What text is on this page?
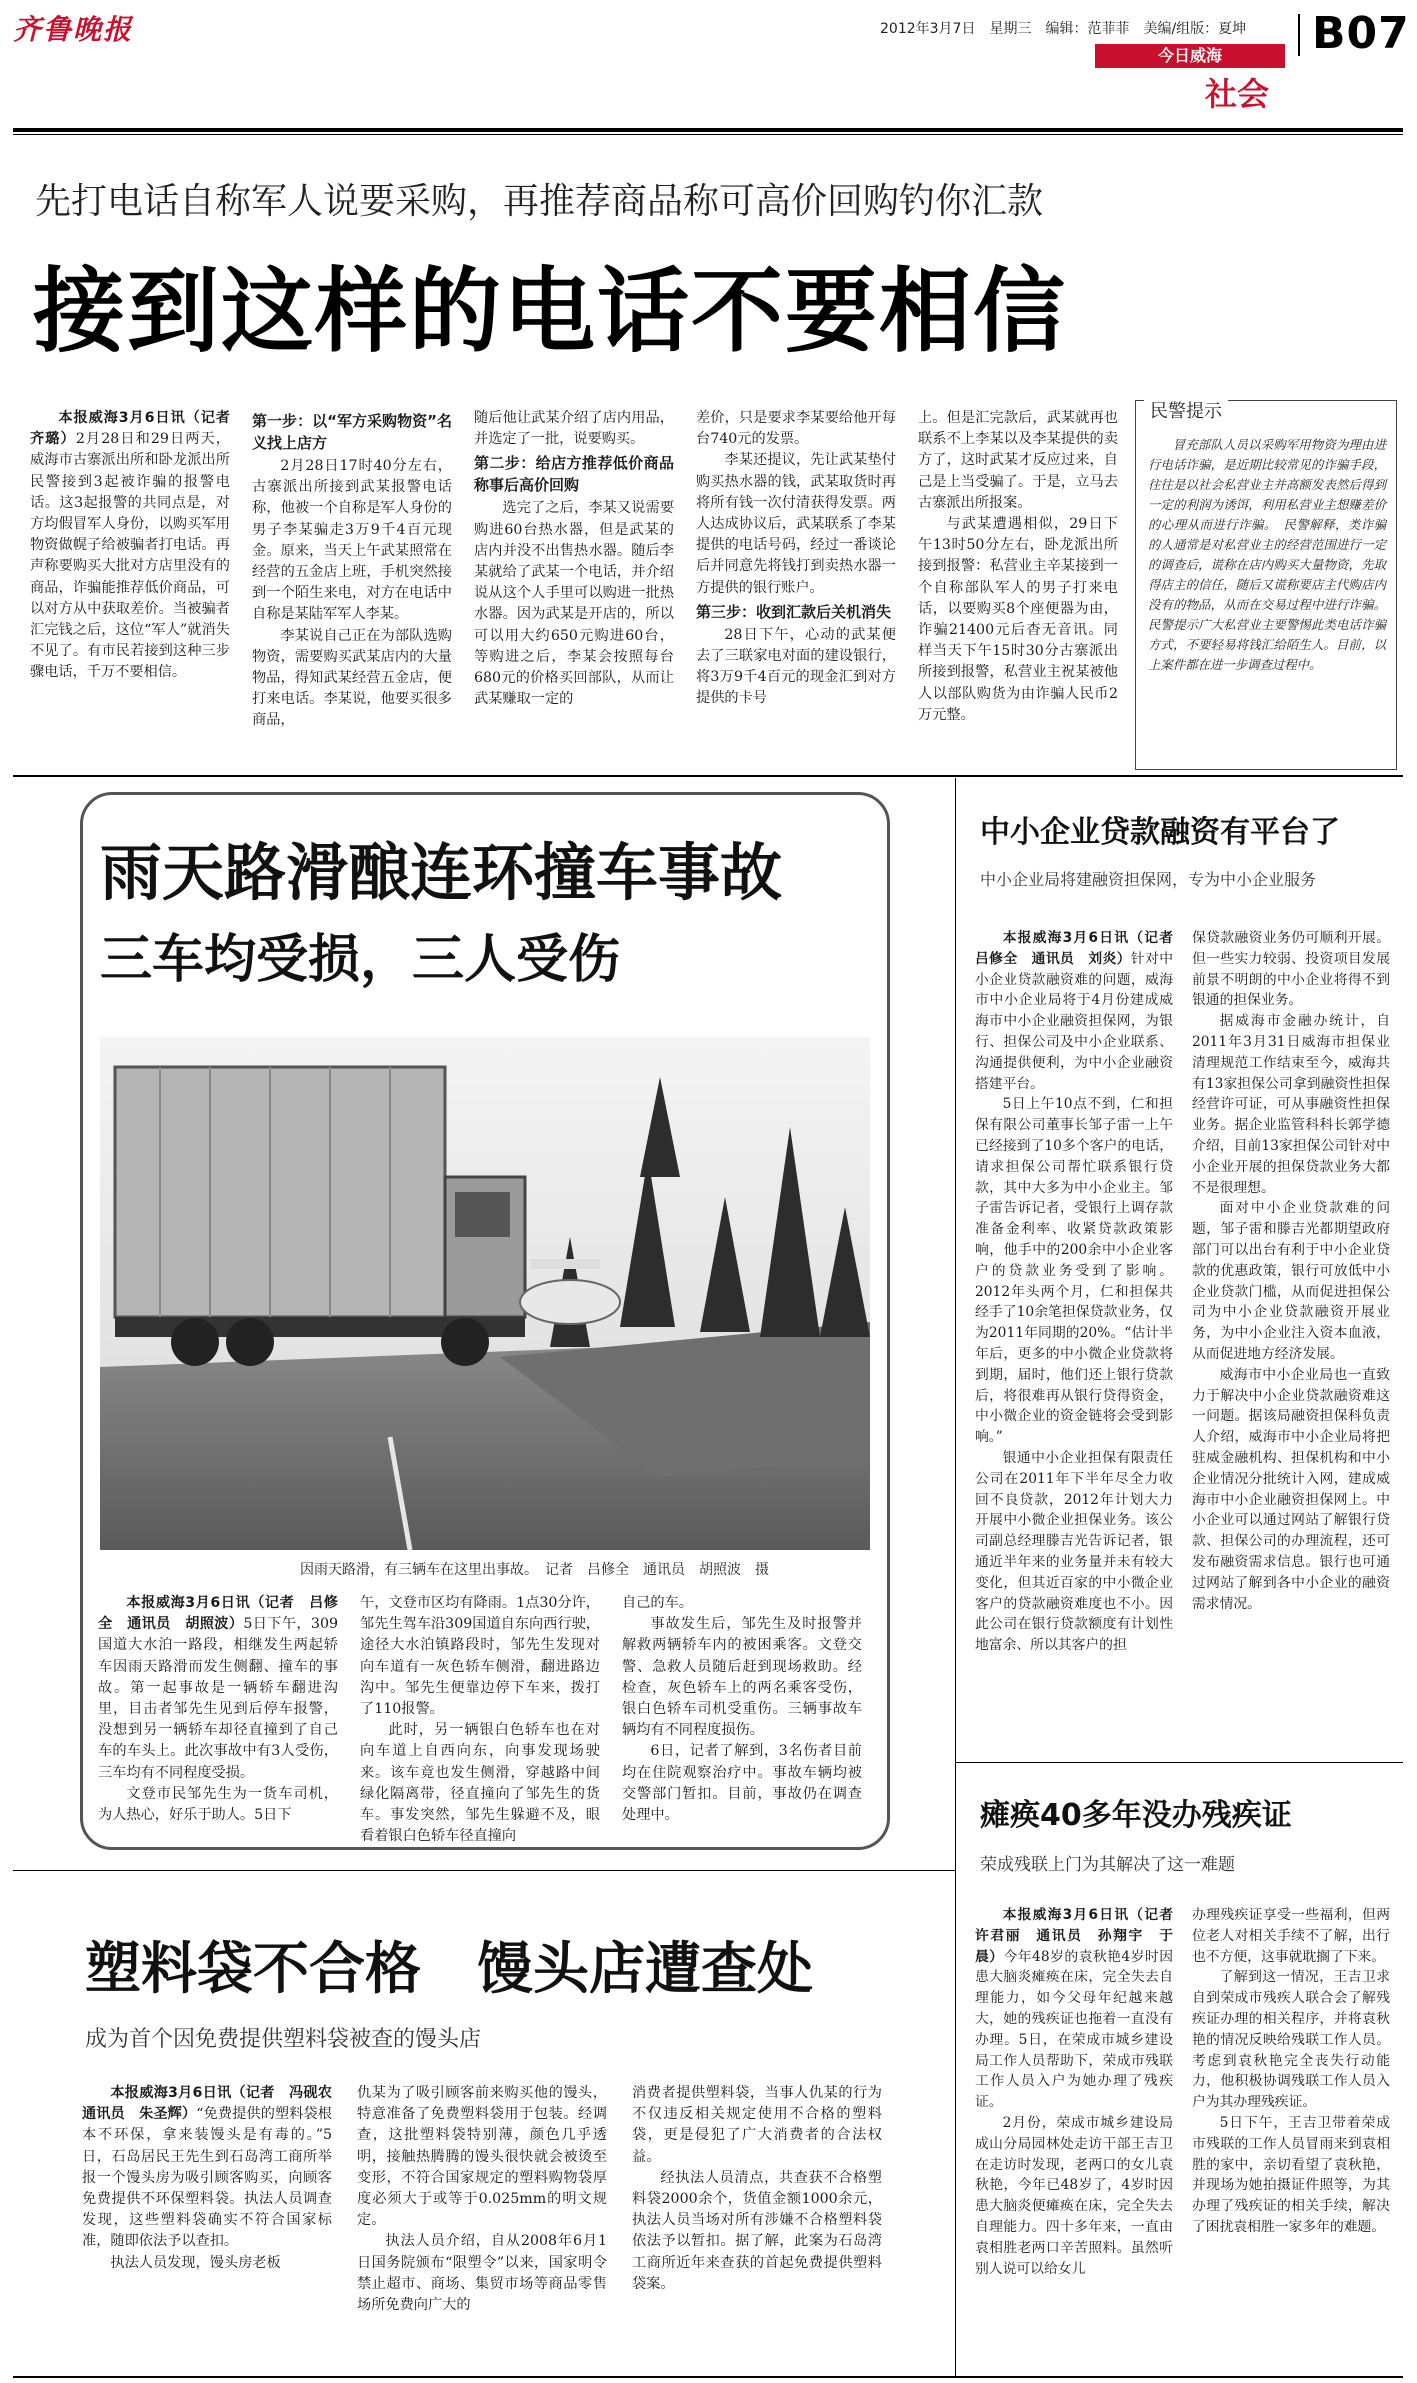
齐鲁晚报	2012年3月7日　星期三　编辑：范菲菲　美编/组版：夏坤 B07
今日威海
社会
先打电话自称军人说要采购，再推荐商品称可高价回购钓你汇款
接到这样的电话不要相信

本报威海3月6日讯（记者　齐璐）2月28日和29日两天，威海市古寨派出所和卧龙派出所民警接到3起被诈骗的报警电话。这3起报警的共同点是，对方均假冒军人身份，以购买军用物资做幌子给被骗者打电话。再声称要购买大批对方店里没有的商品，诈骗能推荐低价商品，可以对方从中获取差价。当被骗者汇完钱之后，这位“军人”就消失不见了。有市民若接到这种三步骤电话，千万不要相信。

第一步：以“军方采购物资”名义找上店方

2月28日17时40分左右，古寨派出所接到武某报警电话称，他被一个自称是军人身份的男子李某骗走3万9千4百元现金。原来，当天上午武某照常在经营的五金店上班，手机突然接到一个陌生来电，对方在电话中自称是某陆军军人李某。

李某说自己正在为部队选购物资，需要购买武某店内的大量物品，得知武某经营五金店，便打来电话。李某说，他要买很多商品，

随后他让武某介绍了店内用品，并选定了一批，说要购买。

第二步：给店方推荐低价商品称事后高价回购

选完了之后，李某又说需要购进60台热水器，但是武某的店内并没不出售热水器。随后李某就给了武某一个电话，并介绍说从这个人手里可以购进一批热水器。因为武某是开店的，所以可以用大约650元购进60台，等购进之后，李某会按照每台680元的价格买回部队，从而让武某赚取一定的

差价，只是要求李某要给他开每台740元的发票。

李某还提议，先让武某垫付购买热水器的钱，武某取货时再将所有钱一次付清获得发票。两人达成协议后，武某联系了李某提供的电话号码，经过一番谈论后并同意先将钱打到卖热水器一方提供的银行账户。

第三步：收到汇款后关机消失

28日下午，心动的武某便去了三联家电对面的建设银行，将3万9千4百元的现金汇到对方提供的卡号

上。但是汇完款后，武某就再也联系不上李某以及李某提供的卖方了，这时武某才反应过来，自己是上当受骗了。于是，立马去古寨派出所报案。

与武某遭遇相似，29日下午13时50分左右，卧龙派出所接到报警：私营业主辛某接到一个自称部队军人的男子打来电话，以要购买8个座便器为由，诈骗21400元后杳无音讯。同样当天下午15时30分古寨派出所接到报警，私营业主祝某被他人以部队购货为由诈骗人民币2万元整。

民警提示
冒充部队人员以采购军用物资为理由进行电话诈骗，是近期比较常见的诈骗手段，往往是以社会私营业主并高额发表然后得到一定的利润为诱饵，利用私营业主想赚差价的心理从而进行诈骗。　民警解释，类诈骗的人通常是对私营业主的经营范围进行一定的调查后，谎称在店内购买大量物资，先取得店主的信任，随后又谎称要店主代购店内没有的物品，从而在交易过程中进行诈骗。民警提示广大私营业主要警惕此类电话诈骗方式，不要轻易将钱汇给陌生人。目前，以上案件都在进一步调查过程中。
雨天路滑酿连环撞车事故
三车均受损，三人受伤
因雨天路滑，有三辆车在这里出事故。　记者　吕修全　通讯员　胡照波　摄

本报威海3月6日讯（记者　吕修全　通讯员　胡照波）5日下午，309国道大水泊一路段，相继发生两起轿车因雨天路滑而发生侧翻、撞车的事故。第一起事故是一辆轿车翻进沟里，目击者邹先生见到后停车报警，没想到另一辆轿车却径直撞到了自己车的车头上。此次事故中有3人受伤，三车均有不同程度受损。

文登市民邹先生为一货车司机，为人热心，好乐于助人。5日下

午，文登市区均有降雨。1点30分许，邹先生驾车沿309国道自东向西行驶，途径大水泊镇路段时，邹先生发现对向车道有一灰色轿车侧滑，翻进路边沟中。邹先生便靠边停下车来，拨打了110报警。

此时，另一辆银白色轿车也在对向车道上自西向东，向事发现场驶来。该车竟也发生侧滑，穿越路中间绿化隔离带，径直撞向了邹先生的货车。事发突然，邹先生躲避不及，眼看着银白色轿车径直撞向

自己的车。

事故发生后，邹先生及时报警并解救两辆轿车内的被困乘客。文登交警、急救人员随后赶到现场救助。经检查，灰色轿车上的两名乘客受伤，银白色轿车司机受重伤。三辆事故车辆均有不同程度损伤。

6日，记者了解到，3名伤者目前均在住院观察治疗中。事故车辆均被交警部门暂扣。目前，事故仍在调查处理中。

塑料袋不合格　馒头店遭查处
成为首个因免费提供塑料袋被查的馒头店

本报威海3月6日讯（记者　冯砚农　通讯员　朱圣辉）“免费提供的塑料袋根本不环保，拿来装馒头是有毒的。”5日，石岛居民王先生到石岛湾工商所举报一个馒头房为吸引顾客购买，向顾客免费提供不环保塑料袋。执法人员调查发现，这些塑料袋确实不符合国家标准，随即依法予以查扣。

执法人员发现，馒头房老板

仇某为了吸引顾客前来购买他的馒头，特意准备了免费塑料袋用于包装。经调查，这批塑料袋特别薄，颜色几乎透明，接触热腾腾的馒头很快就会被烫至变形，不符合国家规定的塑料购物袋厚度必须大于或等于0.025mm的明文规定。

执法人员介绍，自从2008年6月1日国务院颁布“限塑令”以来，国家明令禁止超市、商场、集贸市场等商品零售场所免费向广大的

消费者提供塑料袋，当事人仇某的行为不仅违反相关规定使用不合格的塑料袋，更是侵犯了广大消费者的合法权益。

经执法人员清点，共查获不合格塑料袋2000余个，货值金额1000余元，执法人员当场对所有涉嫌不合格塑料袋依法予以暂扣。据了解，此案为石岛湾工商所近年来查获的首起免费提供塑料袋案。

中小企业贷款融资有平台了
中小企业局将建融资担保网，专为中小企业服务

本报威海3月6日讯（记者　吕修全　通讯员　刘炎）针对中小企业贷款融资难的问题，威海市中小企业局将于4月份建成威海市中小企业融资担保网，为银行、担保公司及中小企业联系、沟通提供便利，为中小企业融资搭建平台。

5日上午10点不到，仁和担保有限公司董事长邹子雷一上午已经接到了10多个客户的电话，请求担保公司帮忙联系银行贷款，其中大多为中小企业主。邹子雷告诉记者，受银行上调存款准备金利率、收紧贷款政策影响，他手中的200余中小企业客户的贷款业务受到了影响。2012年头两个月，仁和担保共经手了10余笔担保贷款业务，仅为2011年同期的20%。“估计半年后，更多的中小微企业贷款将到期，届时，他们还上银行贷款后，将很难再从银行贷得资金，中小微企业的资金链将会受到影响。”

银通中小企业担保有限责任公司在2011年下半年尽全力收回不良贷款，2012年计划大力开展中小微企业担保业务。该公司副总经理滕吉光告诉记者，银通近半年来的业务量并未有较大变化，但其近百家的中小微企业客户的贷款融资难度也不小。因此公司在银行贷款额度有计划性地富余、所以其客户的担

保贷款融资业务仍可顺利开展。但一些实力较弱、投资项目发展前景不明朗的中小企业将得不到银通的担保业务。

据威海市金融办统计，自2011年3月31日威海市担保业清理规范工作结束至今，威海共有13家担保公司拿到融资性担保经营许可证，可从事融资性担保业务。据企业监管科科长郭学德介绍，目前13家担保公司针对中小企业开展的担保贷款业务大都不是很理想。

面对中小企业贷款难的问题，邹子雷和滕吉光都期望政府部门可以出台有利于中小企业贷款的优惠政策，银行可放低中小企业贷款门槛，从而促进担保公司为中小企业贷款融资开展业务，为中小企业注入资本血液，从而促进地方经济发展。

威海市中小企业局也一直致力于解决中小企业贷款融资难这一问题。据该局融资担保科负责人介绍，威海市中小企业局将把驻威金融机构、担保机构和中小企业情况分批统计入网，建成威海市中小企业融资担保网上。中小企业可以通过网站了解银行贷款、担保公司的办理流程，还可发布融资需求信息。银行也可通过网站了解到各中小企业的融资需求情况。

瘫痪40多年没办残疾证
荣成残联上门为其解决了这一难题

本报威海3月6日讯（记者　许君丽　通讯员　孙翔宇　于晨）今年48岁的袁秋艳4岁时因患大脑炎瘫痪在床，完全失去自理能力，如今父母年纪越来越大，她的残疾证也拖着一直没有办理。5日，在荣成市城乡建设局工作人员帮助下，荣成市残联工作人员入户为她办理了残疾证。

2月份，荣成市城乡建设局成山分局园林处走访干部王吉卫在走访时发现，老两口的女儿袁秋艳，今年已48岁了，4岁时因患大脑炎便瘫痪在床，完全失去自理能力。四十多年来，一直由袁相胜老两口辛苦照料。虽然听别人说可以给女儿

办理残疾证享受一些福利，但两位老人对相关手续不了解，出行也不方便，这事就耽搁了下来。

了解到这一情况，王吉卫求自到荣成市残疾人联合会了解残疾证办理的相关程序，并将袁秋艳的情况反映给残联工作人员。考虑到袁秋艳完全丧失行动能力，他积极协调残联工作人员入户为其办理残疾证。

5日下午，王吉卫带着荣成市残联的工作人员冒雨来到袁相胜的家中，亲切看望了袁秋艳，并现场为她拍摄证件照等，为其办理了残疾证的相关手续，解决了困扰袁相胜一家多年的难题。
